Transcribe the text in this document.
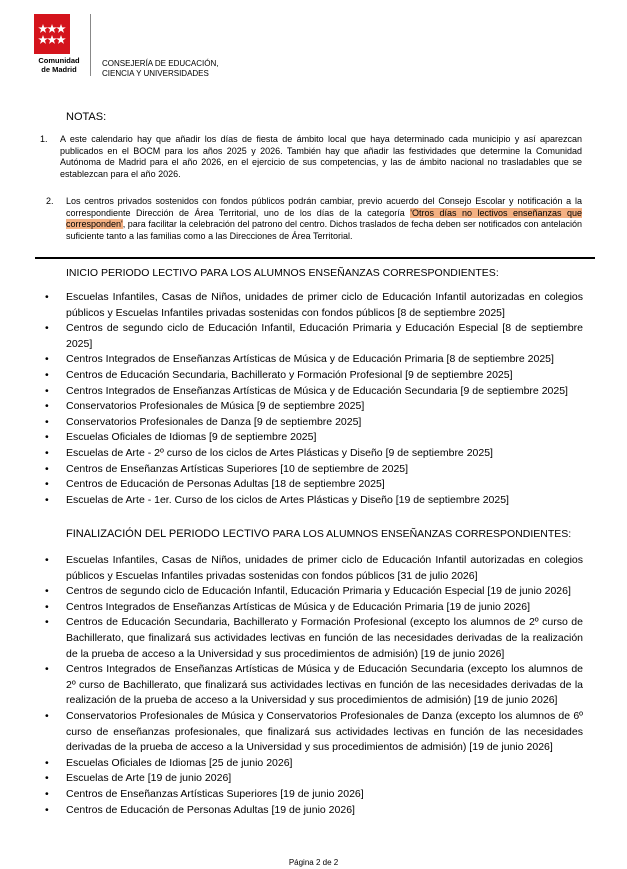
Comunidad
de Madrid
CONSEJERÍA DE EDUCACIÓN,
CIENCIA Y UNIVERSIDADES
NOTAS:
1. A este calendario hay que añadir los días de fiesta de ámbito local que haya determinado cada municipio y así aparezcan publicados en el BOCM para los años 2025 y 2026. También hay que añadir las festividades que determine la Comunidad Autónoma de Madrid para el año 2026, en el ejercicio de sus competencias, y las de ámbito nacional no trasladables que se establezcan para el año 2026.
2. Los centros privados sostenidos con fondos públicos podrán cambiar, previo acuerdo del Consejo Escolar y notificación a la correspondiente Dirección de Área Territorial, uno de los días de la categoría 'Otros días no lectivos enseñanzas que corresponden', para facilitar la celebración del patrono del centro. Dichos traslados de fecha deben ser notificados con antelación suficiente tanto a las familias como a las Direcciones de Área Territorial.
INICIO PERIODO LECTIVO PARA LOS ALUMNOS ENSEÑANZAS CORRESPONDIENTES:
• Escuelas Infantiles, Casas de Niños, unidades de primer ciclo de Educación Infantil autorizadas en colegios públicos y Escuelas Infantiles privadas sostenidas con fondos públicos [8 de septiembre 2025]
• Centros de segundo ciclo de Educación Infantil, Educación Primaria y Educación Especial [8 de septiembre 2025]
• Centros Integrados de Enseñanzas Artísticas de Música y de Educación Primaria [8 de septiembre 2025]
• Centros de Educación Secundaria, Bachillerato y Formación Profesional [9 de septiembre 2025]
• Centros Integrados de Enseñanzas Artísticas de Música y de Educación Secundaria [9 de septiembre 2025]
• Conservatorios Profesionales de Música [9 de septiembre 2025]
• Conservatorios Profesionales de Danza [9 de septiembre 2025]
• Escuelas Oficiales de Idiomas [9 de septiembre 2025]
• Escuelas de Arte - 2º curso de los ciclos de Artes Plásticas y Diseño [9 de septiembre 2025]
• Centros de Enseñanzas Artísticas Superiores [10 de septiembre de 2025]
• Centros de Educación de Personas Adultas [18 de septiembre 2025]
• Escuelas de Arte - 1er. Curso de los ciclos de Artes Plásticas y Diseño [19 de septiembre 2025]
FINALIZACIÓN DEL PERIODO LECTIVO PARA LOS ALUMNOS ENSEÑANZAS CORRESPONDIENTES:
• Escuelas Infantiles, Casas de Niños, unidades de primer ciclo de Educación Infantil autorizadas en colegios públicos y Escuelas Infantiles privadas sostenidas con fondos públicos [31 de julio 2026]
• Centros de segundo ciclo de Educación Infantil, Educación Primaria y Educación Especial [19 de junio 2026]
• Centros Integrados de Enseñanzas Artísticas de Música y de Educación Primaria [19 de junio 2026]
• Centros de Educación Secundaria, Bachillerato y Formación Profesional (excepto los alumnos de 2º curso de Bachillerato, que finalizará sus actividades lectivas en función de las necesidades derivadas de la realización de la prueba de acceso a la Universidad y sus procedimientos de admisión) [19 de junio 2026]
• Centros Integrados de Enseñanzas Artísticas de Música y de Educación Secundaria (excepto los alumnos de 2º curso de Bachillerato, que finalizará sus actividades lectivas en función de las necesidades derivadas de la realización de la prueba de acceso a la Universidad y sus procedimientos de admisión) [19 de junio 2026]
• Conservatorios Profesionales de Música y Conservatorios Profesionales de Danza (excepto los alumnos de 6º curso de enseñanzas profesionales, que finalizará sus actividades lectivas en función de las necesidades derivadas de la prueba de acceso a la Universidad y sus procedimientos de admisión) [19 de junio 2026]
• Escuelas Oficiales de Idiomas [25 de junio 2026]
• Escuelas de Arte [19 de junio 2026]
• Centros de Enseñanzas Artísticas Superiores [19 de junio 2026]
• Centros de Educación de Personas Adultas [19 de junio 2026]
Página 2 de 2
